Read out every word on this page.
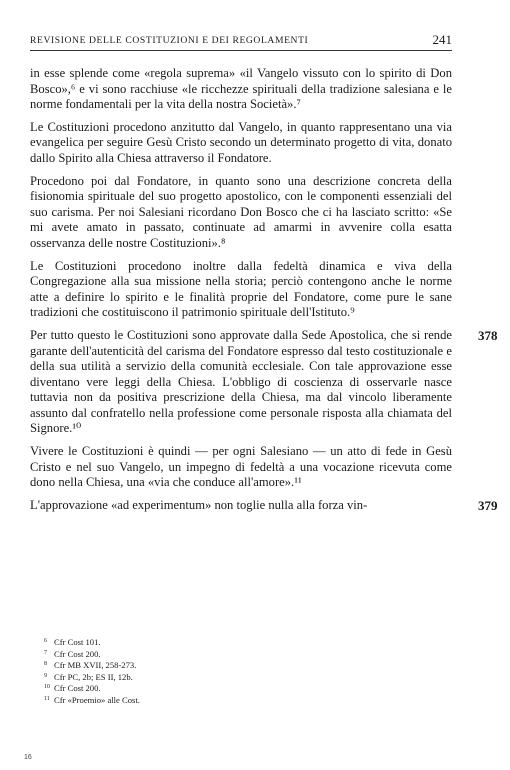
REVISIONE DELLE COSTITUZIONI E DEI REGOLAMENTI	241

in esse splende come «regola suprema» «il Vangelo vissuto con lo spirito di Don Bosco»,⁶ e vi sono racchiuse «le ricchezze spirituali della tradizione salesiana e le norme fondamentali per la vita della nostra Società».⁷

Le Costituzioni procedono anzitutto dal Vangelo, in quanto rappresentano una via evangelica per seguire Gesù Cristo secondo un determinato progetto di vita, donato dallo Spirito alla Chiesa attraverso il Fondatore.

Procedono poi dal Fondatore, in quanto sono una descrizione concreta della fisionomia spirituale del suo progetto apostolico, con le componenti essenziali del suo carisma. Per noi Salesiani ricordano Don Bosco che ci ha lasciato scritto: «Se mi avete amato in passato, continuate ad amarmi in avvenire colla esatta osservanza delle nostre Costituzioni».⁸

Le Costituzioni procedono inoltre dalla fedeltà dinamica e viva della Congregazione alla sua missione nella storia; perciò contengono anche le norme atte a definire lo spirito e le finalità proprie del Fondatore, come pure le sane tradizioni che costituiscono il patrimonio spirituale dell'Istituto.⁹

Per tutto questo le Costituzioni sono approvate dalla Sede Apostolica, che si rende garante dell'autenticità del carisma del Fondatore espresso dal testo costituzionale e della sua utilità a servizio della comunità ecclesiale. Con tale approvazione esse diventano vere leggi della Chiesa. L'obbligo di coscienza di osservarle nasce tuttavia non da positiva prescrizione della Chiesa, ma dal vincolo liberamente assunto dal confratello nella professione come personale risposta alla chiamata del Signore.¹⁰
378

Vivere le Costituzioni è quindi — per ogni Salesiano — un atto di fede in Gesù Cristo e nel suo Vangelo, un impegno di fedeltà a una vocazione ricevuta come dono nella Chiesa, una «via che conduce all'amore».¹¹

L'approvazione «ad experimentum» non toglie nulla alla forza vin-	379

6 Cfr Cost 101.
7 Cfr Cost 200.
8 Cfr MB XVII, 258-273.
9 Cfr PC, 2b; ES II, 12b.
10 Cfr Cost 200.
11 Cfr «Proemio» alle Cost.
16
